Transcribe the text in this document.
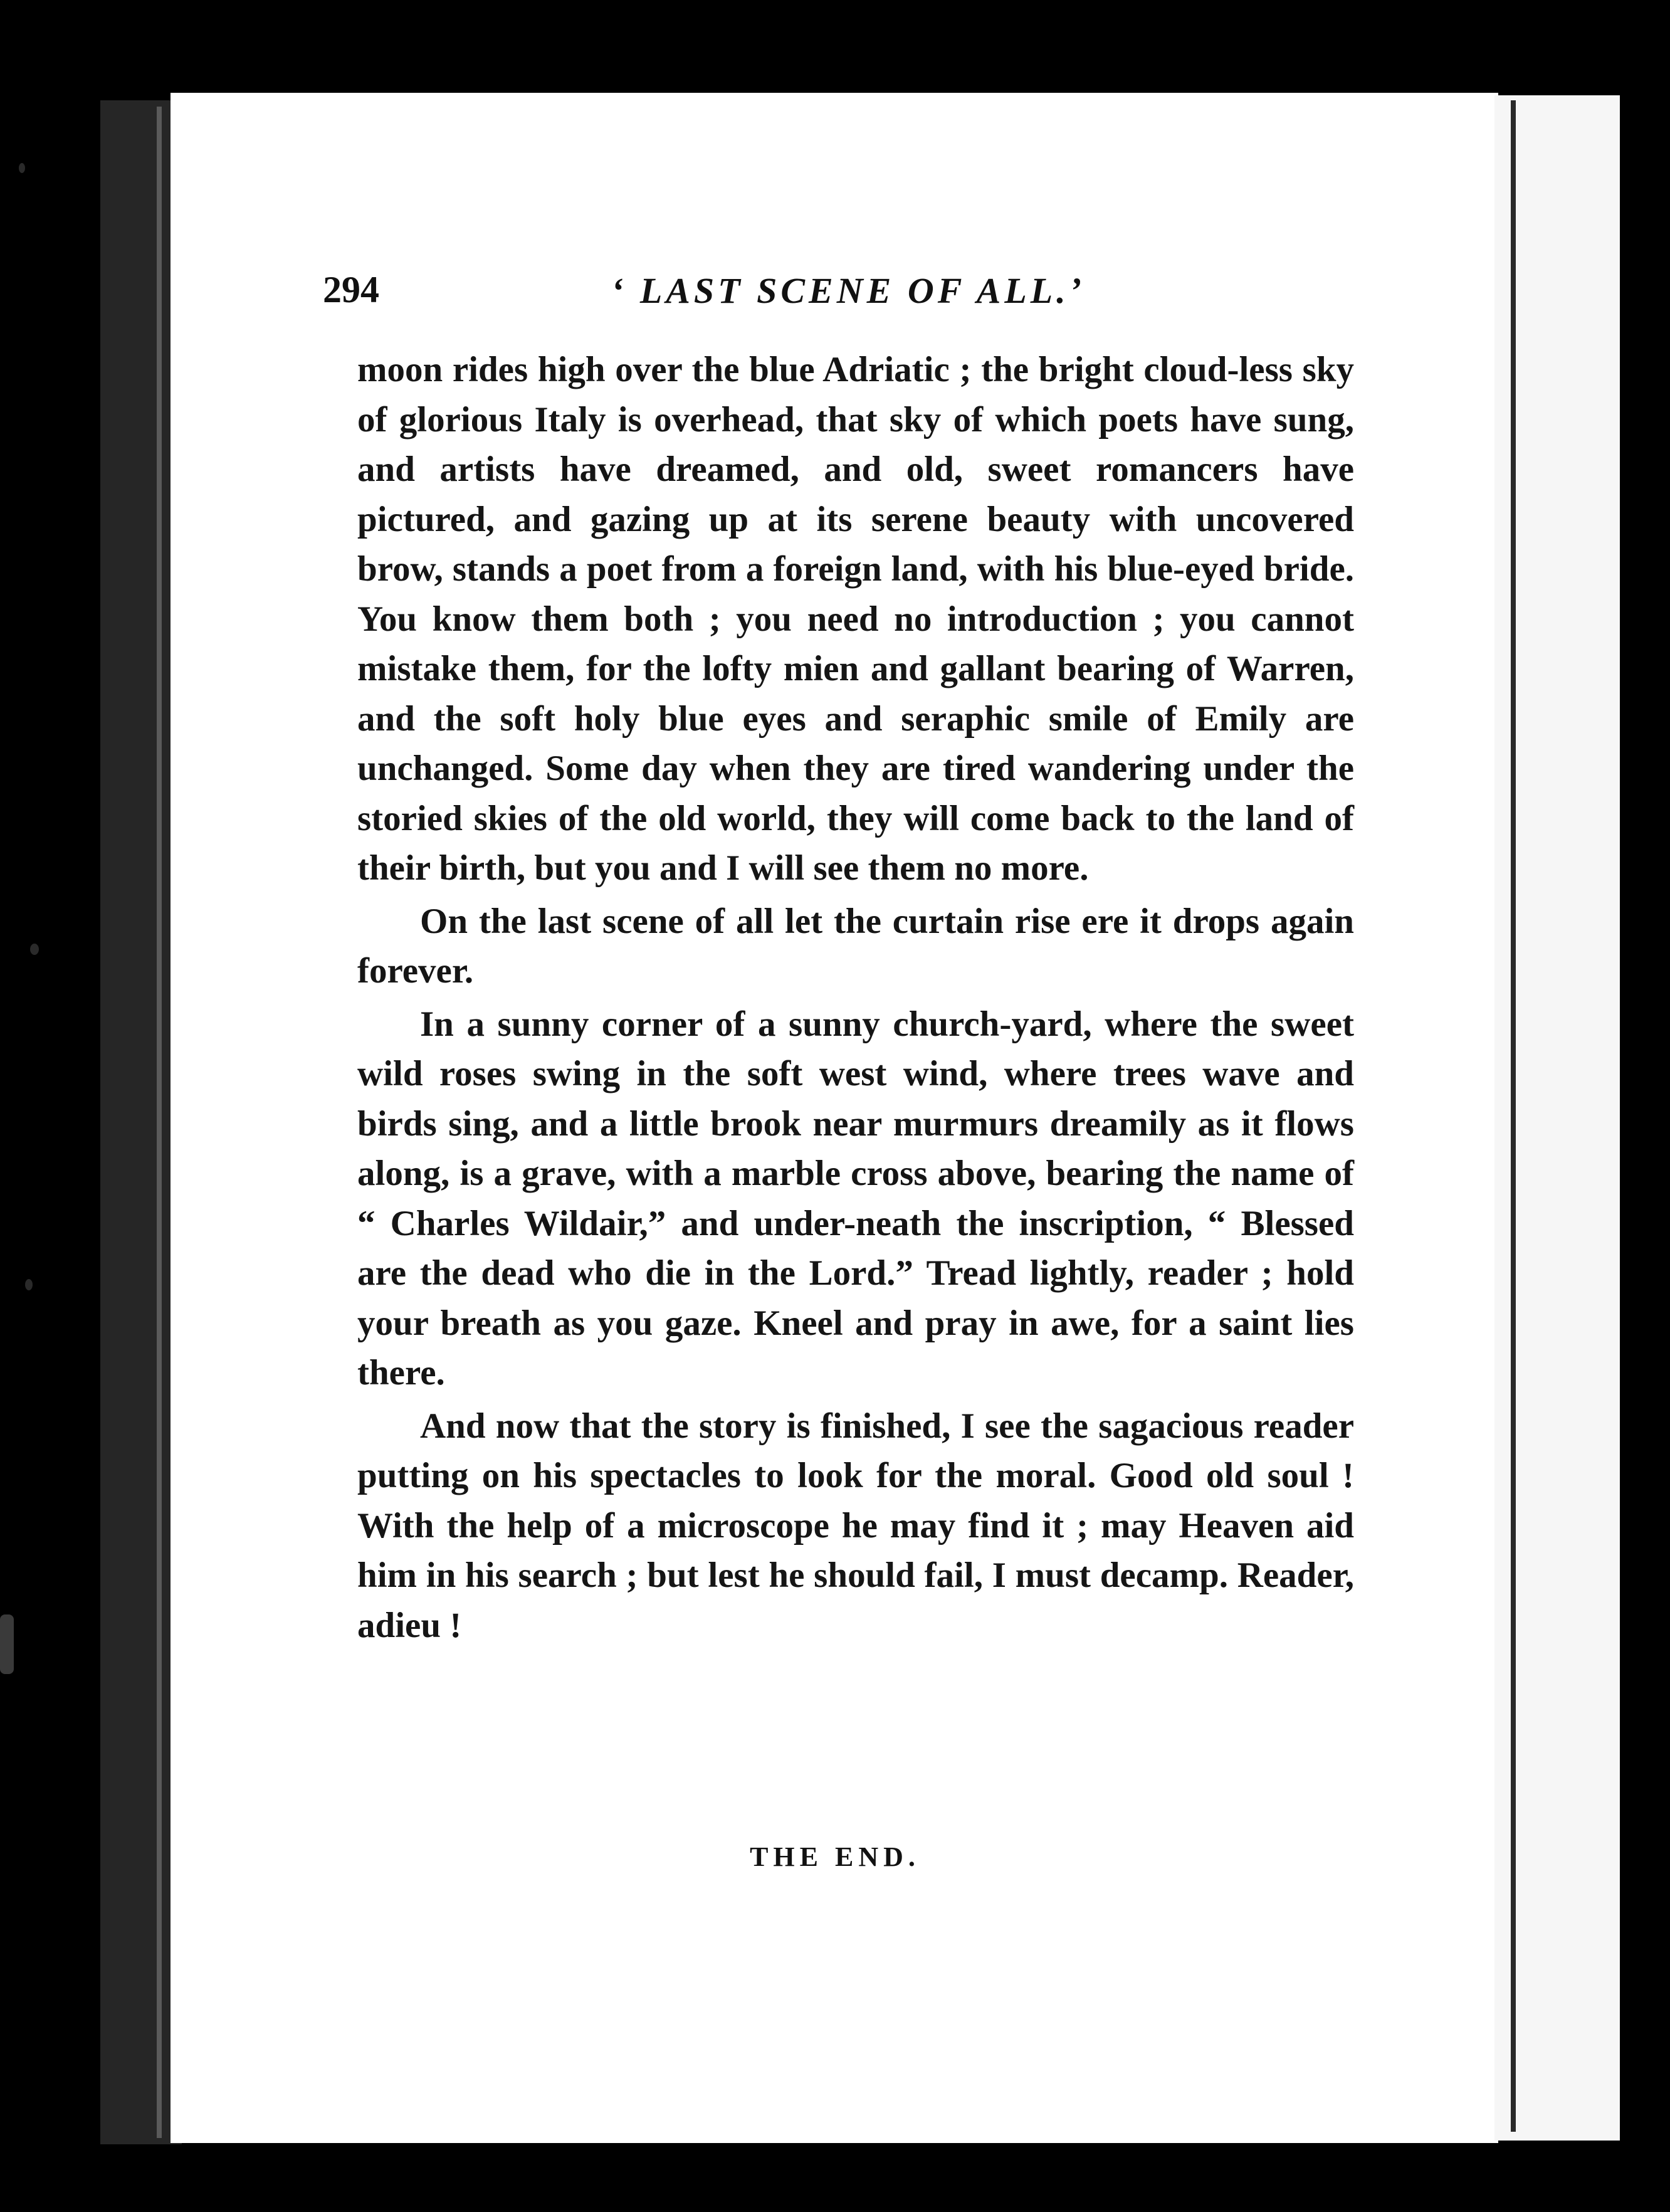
294	‘ LAST SCENE OF ALL.’

moon rides high over the blue Adriatic ; the bright cloud-less sky of glorious Italy is overhead, that sky of which poets have sung, and artists have dreamed, and old, sweet romancers have pictured, and gazing up at its serene beauty with uncovered brow, stands a poet from a foreign land, with his blue-eyed bride. You know them both ; you need no introduction ; you cannot mistake them, for the lofty mien and gallant bearing of Warren, and the soft holy blue eyes and seraphic smile of Emily are unchanged. Some day when they are tired wandering under the storied skies of the old world, they will come back to the land of their birth, but you and I will see them no more.

On the last scene of all let the curtain rise ere it drops again forever.

In a sunny corner of a sunny church-yard, where the sweet wild roses swing in the soft west wind, where trees wave and birds sing, and a little brook near murmurs dreamily as it flows along, is a grave, with a marble cross above, bearing the name of “ Charles Wildair,” and under-neath the inscription, “ Blessed are the dead who die in the Lord.” Tread lightly, reader ; hold your breath as you gaze. Kneel and pray in awe, for a saint lies there.

And now that the story is finished, I see the sagacious reader putting on his spectacles to look for the moral. Good old soul ! With the help of a microscope he may find it ; may Heaven aid him in his search ; but lest he should fail, I must decamp. Reader, adieu !

THE END.
